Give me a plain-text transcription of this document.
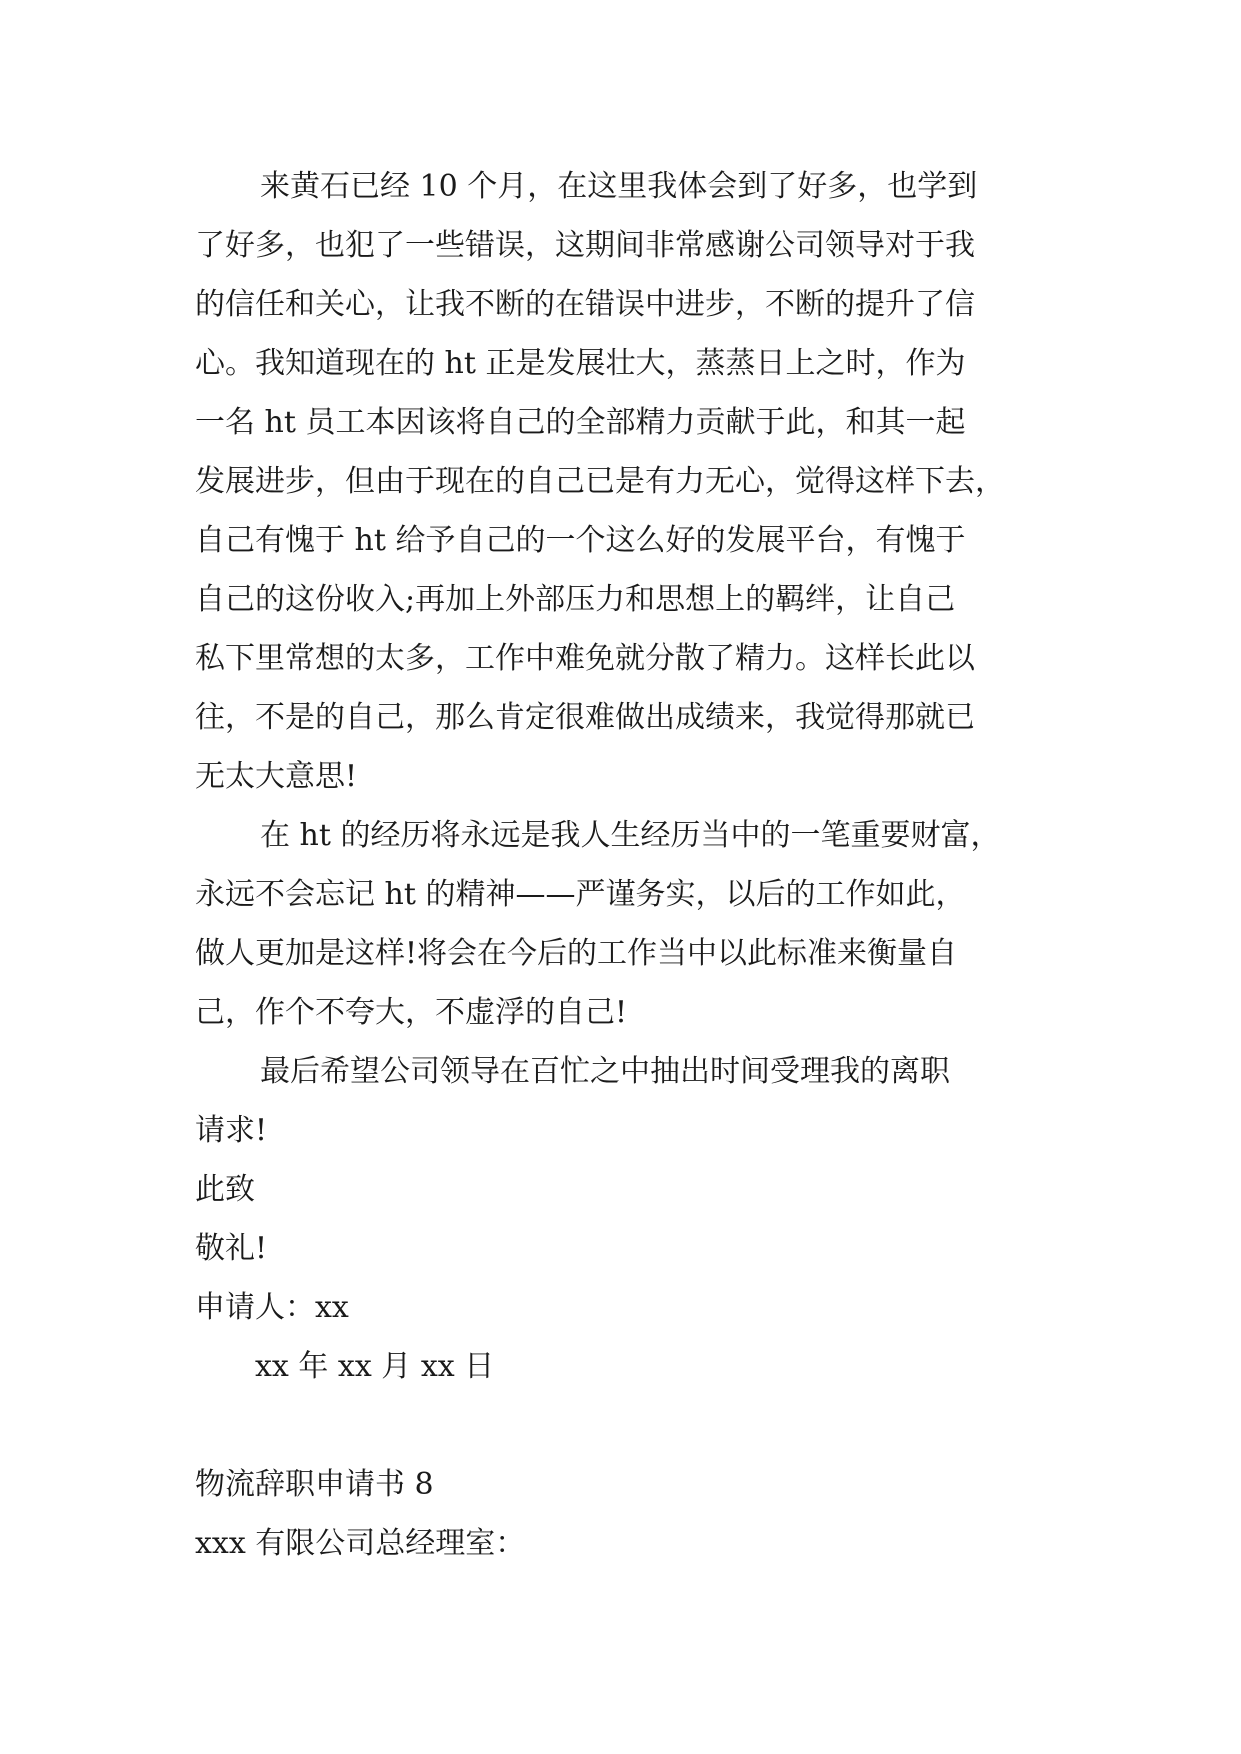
来黄石已经 10 个月，在这里我体会到了好多，也学到
了好多，也犯了一些错误，这期间非常感谢公司领导对于我
的信任和关心，让我不断的在错误中进步，不断的提升了信
心。我知道现在的 ht 正是发展壮大，蒸蒸日上之时，作为
一名 ht 员工本因该将自己的全部精力贡献于此，和其一起
发展进步，但由于现在的自己已是有力无心，觉得这样下去，
自己有愧于 ht 给予自己的一个这么好的发展平台，有愧于
自己的这份收入;再加上外部压力和思想上的羁绊，让自己
私下里常想的太多，工作中难免就分散了精力。这样长此以
往，不是的自己，那么肯定很难做出成绩来，我觉得那就已
无太大意思!
在 ht 的经历将永远是我人生经历当中的一笔重要财富，
永远不会忘记 ht 的精神——严谨务实，以后的工作如此，
做人更加是这样!将会在今后的工作当中以此标准来衡量自
己，作个不夸大，不虚浮的自己!
最后希望公司领导在百忙之中抽出时间受理我的离职
请求!
此致
敬礼!
申请人：xx
xx 年 xx 月 xx 日
物流辞职申请书 8
xxx 有限公司总经理室：
